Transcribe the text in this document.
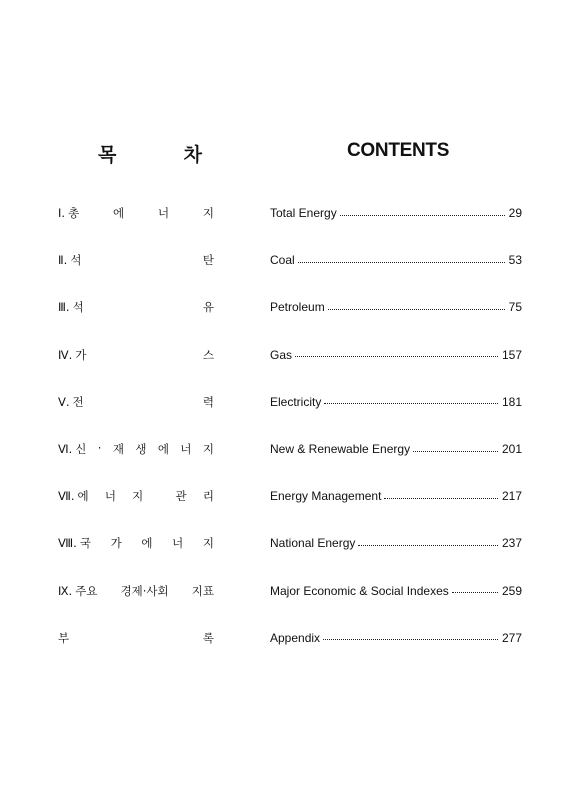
목	차	CONTENTS
Ⅰ. 총	에	너	지	Total Energy	29
Ⅱ. 석	탄	Coal	53
Ⅲ. 석	유	Petroleum	75
Ⅳ. 가	스	Gas	157
Ⅴ. 전	력	Electricity	181
Ⅵ. 신 · 재 생 에 너 지	New & Renewable Energy	201
Ⅶ. 에 너 지	관 리	Energy Management	217
Ⅷ. 국 가 에 너 지	National Energy	237
Ⅸ. 주요 경제·사회 지표	Major Economic & Social Indexes	259
부	록	Appendix	277
